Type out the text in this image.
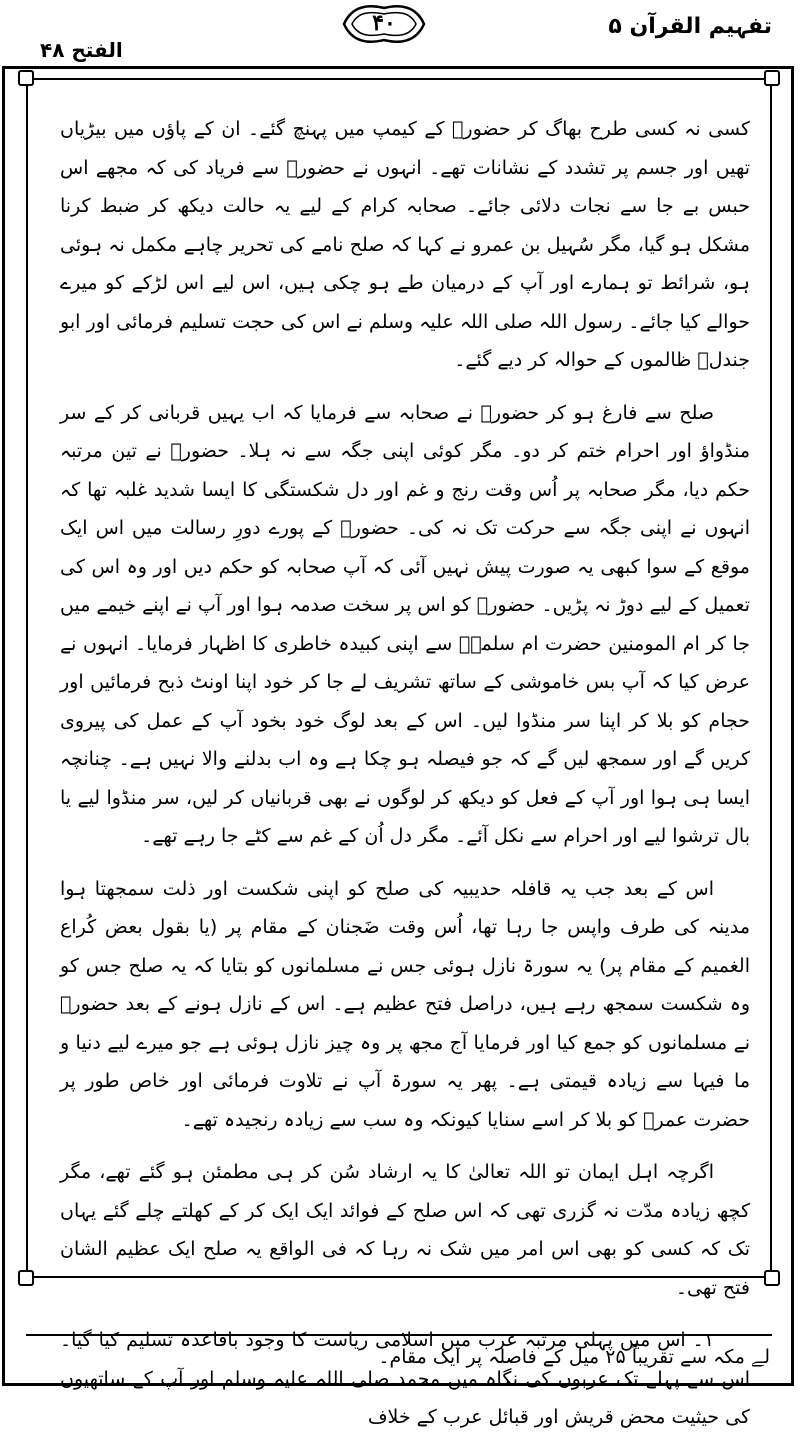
تفہیم القرآن ۵
۴۰
الفتح ۴۸

کسی نہ کسی طرح بھاگ کر حضورؐ کے کیمپ میں پہنچ گئے۔ ان کے پاؤں میں بیڑیاں تھیں اور جسم پر تشدد کے نشانات تھے۔ انہوں نے حضورؐ سے فریاد کی کہ مجھے اس حبس بے جا سے نجات دلائی جائے۔ صحابہ کرام کے لیے یہ حالت دیکھ کر ضبط کرنا مشکل ہو گیا، مگر سُہیل بن عمرو نے کہا کہ صلح نامے کی تحریر چاہے مکمل نہ ہوئی ہو، شرائط تو ہمارے اور آپ کے درمیان طے ہو چکی ہیں، اس لیے اس لڑکے کو میرے حوالے کیا جائے۔ رسول اللہ صلی اللہ علیہ وسلم نے اس کی حجت تسلیم فرمائی اور ابو جندلؓ ظالموں کے حوالہ کر دیے گئے۔

صلح سے فارغ ہو کر حضورؐ نے صحابہ سے فرمایا کہ اب یہیں قربانی کر کے سر منڈواؤ اور احرام ختم کر دو۔ مگر کوئی اپنی جگہ سے نہ ہلا۔ حضورؐ نے تین مرتبہ حکم دیا، مگر صحابہ پر اُس وقت رنج و غم اور دل شکستگی کا ایسا شدید غلبہ تھا کہ انہوں نے اپنی جگہ سے حرکت تک نہ کی۔ حضورؐ کے پورے دورِ رسالت میں اس ایک موقع کے سوا کبھی یہ صورت پیش نہیں آئی کہ آپ صحابہ کو حکم دیں اور وہ اس کی تعمیل کے لیے دوڑ نہ پڑیں۔ حضورؐ کو اس پر سخت صدمہ ہوا اور آپ نے اپنے خیمے میں جا کر ام المومنین حضرت ام سلمہؓ سے اپنی کبیدہ خاطری کا اظہار فرمایا۔ انہوں نے عرض کیا کہ آپ بس خاموشی کے ساتھ تشریف لے جا کر خود اپنا اونٹ ذبح فرمائیں اور حجام کو بلا کر اپنا سر منڈوا لیں۔ اس کے بعد لوگ خود بخود آپ کے عمل کی پیروی کریں گے اور سمجھ لیں گے کہ جو فیصلہ ہو چکا ہے وہ اب بدلنے والا نہیں ہے۔ چنانچہ ایسا ہی ہوا اور آپ کے فعل کو دیکھ کر لوگوں نے بھی قربانیاں کر لیں، سر منڈوا لیے یا بال ترشوا لیے اور احرام سے نکل آئے۔ مگر دل اُن کے غم سے کٹے جا رہے تھے۔

اس کے بعد جب یہ قافلہ حدیبیہ کی صلح کو اپنی شکست اور ذلت سمجھتا ہوا مدینہ کی طرف واپس جا رہا تھا، اُس وقت ضَجنان کے مقام پر (یا بقول بعض کُراع الغمیم کے مقام پر) یہ سورۃ نازل ہوئی جس نے مسلمانوں کو بتایا کہ یہ صلح جس کو وہ شکست سمجھ رہے ہیں، دراصل فتح عظیم ہے۔ اس کے نازل ہونے کے بعد حضورؐ نے مسلمانوں کو جمع کیا اور فرمایا آج مجھ پر وہ چیز نازل ہوئی ہے جو میرے لیے دنیا و ما فیہا سے زیادہ قیمتی ہے۔ پھر یہ سورۃ آپ نے تلاوت فرمائی اور خاص طور پر حضرت عمرؓ کو بلا کر اسے سنایا کیونکہ وہ سب سے زیادہ رنجیدہ تھے۔

اگرچہ اہل ایمان تو اللہ تعالیٰ کا یہ ارشاد سُن کر ہی مطمئن ہو گئے تھے، مگر کچھ زیادہ مدّت نہ گزری تھی کہ اس صلح کے فوائد ایک ایک کر کے کھلتے چلے گئے یہاں تک کہ کسی کو بھی اس امر میں شک نہ رہا کہ فی الواقع یہ صلح ایک عظیم الشان فتح تھی۔

۱۔ اس میں پہلی مرتبہ عرب میں اسلامی ریاست کا وجود باقاعدہ تسلیم کیا گیا۔ اس سے پہلے تک عربوں کی نگاہ میں محمد صلی اللہ علیہ وسلم اور آپ کے ساتھیوں کی حیثیت محض قریش اور قبائل عرب کے خلاف

ﻟﮯ مکہ سے تقریباً ۲۵ میل کے فاصلہ پر ایک مقام۔
